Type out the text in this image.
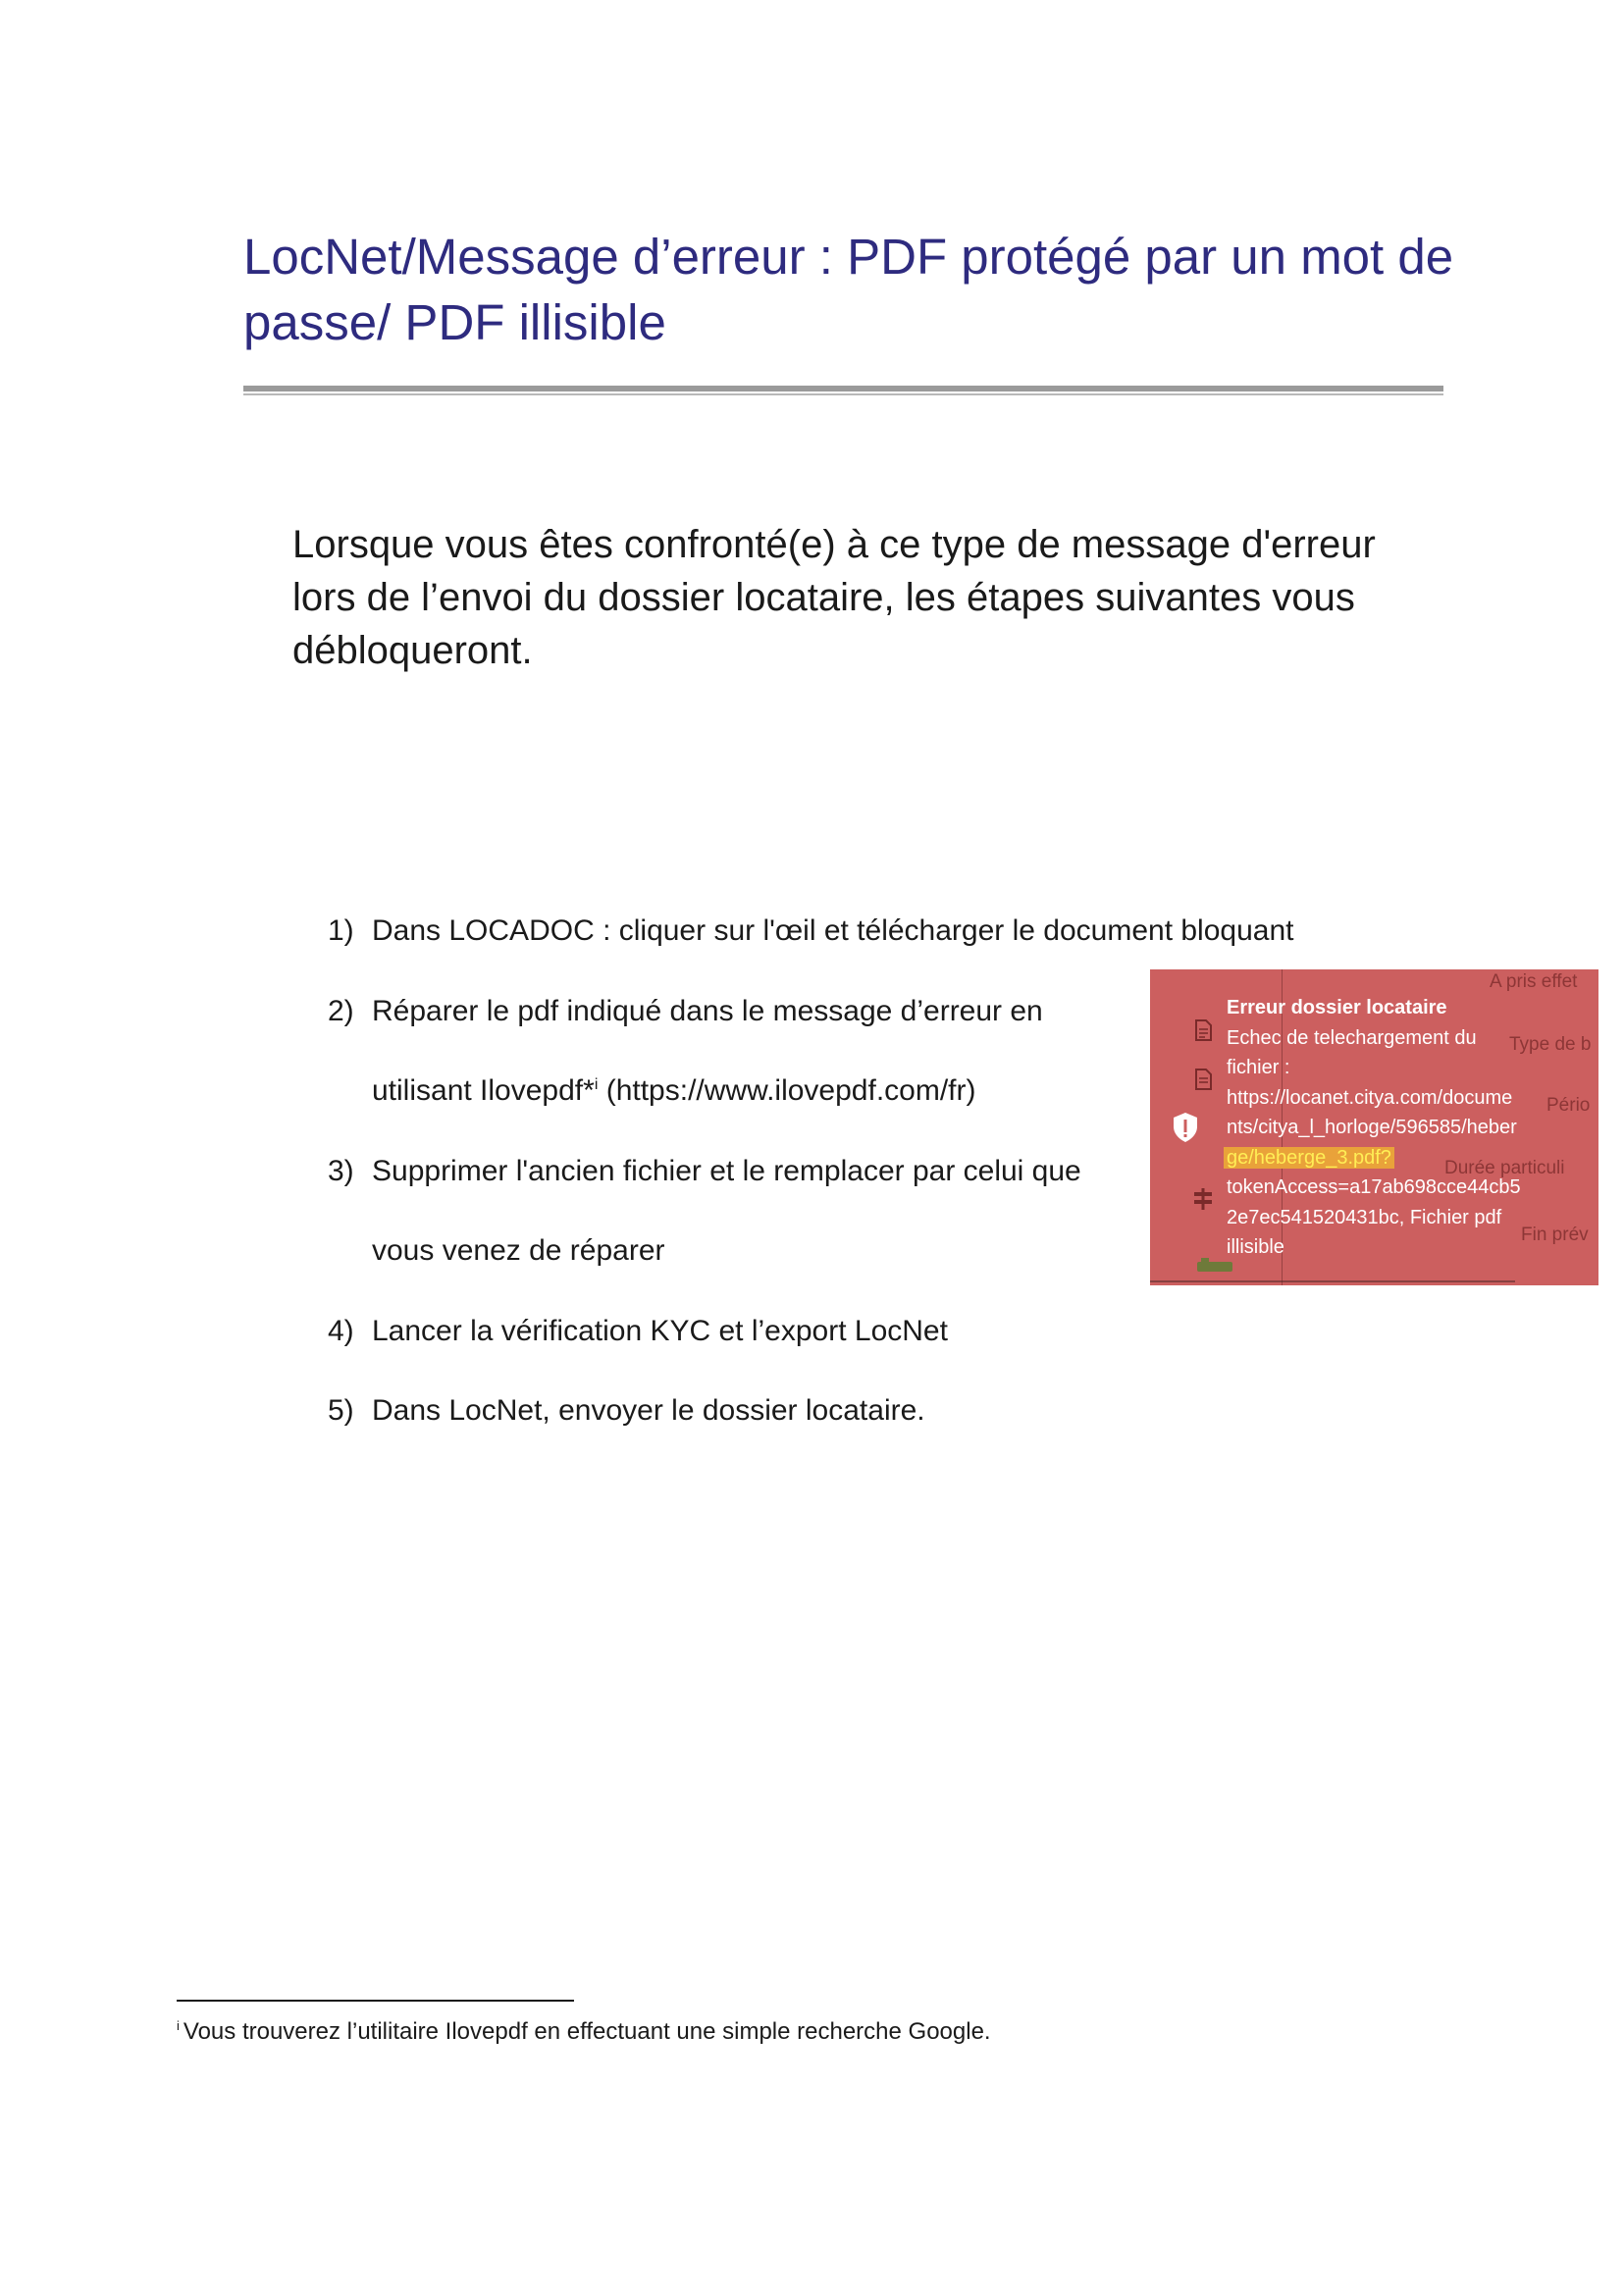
LocNet/Message d’erreur : PDF protégé par un mot de passe/ PDF illisible

Lorsque vous êtes confronté(e) à ce type de message d'erreur lors de l’envoi du dossier locataire, les étapes suivantes vous débloqueront.

1) Dans LOCADOC : cliquer sur l'œil et télécharger le document bloquant
2) Réparer le pdf indiqué dans le message d’erreur en utilisant Ilovepdf*$^i$ (https://www.ilovepdf.com/fr)
3) Supprimer l'ancien fichier et le remplacer par celui que vous venez de réparer
4) Lancer la vérification KYC et l’export LocNet
5) Dans LocNet, envoyer le dossier locataire.
A pris effet
Type de b
Pério
Durée particuli
Fin prév
Erreur dossier locataire
Echec de telechargement du
fichier :
https://locanet.citya.com/docume
nts/citya_l_horloge/596585/heber
ge/heberge_3.pdf?
tokenAccess=a17ab698cce44cb5
2e7ec541520431bc, Fichier pdf
illisible

$^i$ Vous trouverez l’utilitaire Ilovepdf en effectuant une simple recherche Google.
